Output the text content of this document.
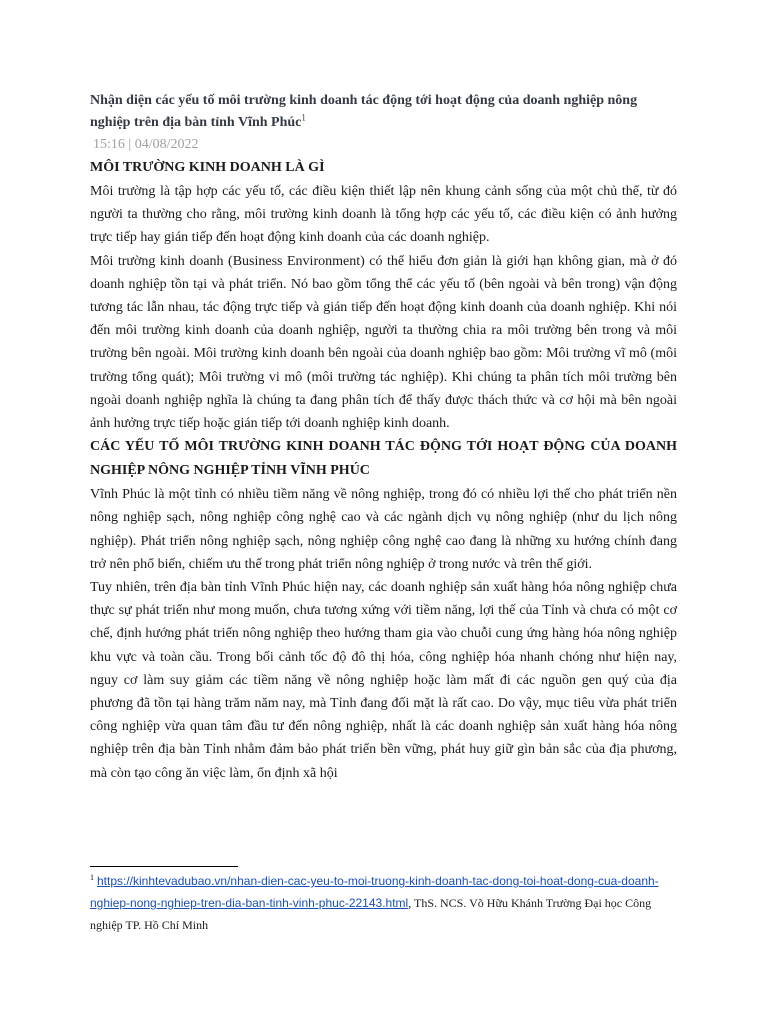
Nhận diện các yếu tố môi trường kinh doanh tác động tới hoạt động của doanh nghiệp nông nghiệp trên địa bàn tỉnh Vĩnh Phúc$^1$

15:16 | 04/08/2022

MÔI TRƯỜNG KINH DOANH LÀ GÌ

Môi trường là tập hợp các yếu tố, các điều kiện thiết lập nên khung cảnh sống của một chủ thể, từ đó người ta thường cho rằng, môi trường kinh doanh là tổng hợp các yếu tố, các điều kiện có ảnh hưởng trực tiếp hay gián tiếp đến hoạt động kinh doanh của các doanh nghiệp.

Môi trường kinh doanh (Business Environment) có thể hiểu đơn giản là giới hạn không gian, mà ở đó doanh nghiệp tồn tại và phát triển. Nó bao gồm tổng thể các yếu tố (bên ngoài và bên trong) vận động tương tác lẫn nhau, tác động trực tiếp và gián tiếp đến hoạt động kinh doanh của doanh nghiệp. Khi nói đến môi trường kinh doanh của doanh nghiệp, người ta thường chia ra môi trường bên trong và môi trường bên ngoài. Môi trường kinh doanh bên ngoài của doanh nghiệp bao gồm: Môi trường vĩ mô (môi trường tổng quát); Môi trường vi mô (môi trường tác nghiệp). Khi chúng ta phân tích môi trường bên ngoài doanh nghiệp nghĩa là chúng ta đang phân tích để thấy được thách thức và cơ hội mà bên ngoài ảnh hưởng trực tiếp hoặc gián tiếp tới doanh nghiệp kinh doanh.

CÁC YẾU TỐ MÔI TRƯỜNG KINH DOANH TÁC ĐỘNG TỚI HOẠT ĐỘNG CỦA DOANH NGHIỆP NÔNG NGHIỆP TỈNH VĨNH PHÚC

Vĩnh Phúc là một tỉnh có nhiều tiềm năng về nông nghiệp, trong đó có nhiều lợi thế cho phát triển nền nông nghiệp sạch, nông nghiệp công nghệ cao và các ngành dịch vụ nông nghiệp (như du lịch nông nghiệp). Phát triển nông nghiệp sạch, nông nghiệp công nghệ cao đang là những xu hướng chính đang trở nên phổ biến, chiếm ưu thế trong phát triển nông nghiệp ở trong nước và trên thế giới.

Tuy nhiên, trên địa bàn tỉnh Vĩnh Phúc hiện nay, các doanh nghiệp sản xuất hàng hóa nông nghiệp chưa thực sự phát triển như mong muốn, chưa tương xứng với tiềm năng, lợi thế của Tỉnh và chưa có một cơ chế, định hướng phát triển nông nghiệp theo hướng tham gia vào chuỗi cung ứng hàng hóa nông nghiệp khu vực và toàn cầu. Trong bối cảnh tốc độ đô thị hóa, công nghiệp hóa nhanh chóng như hiện nay, nguy cơ làm suy giảm các tiềm năng về nông nghiệp hoặc làm mất đi các nguồn gen quý của địa phương đã tồn tại hàng trăm năm nay, mà Tỉnh đang đối mặt là rất cao. Do vậy, mục tiêu vừa phát triển công nghiệp vừa quan tâm đầu tư đến nông nghiệp, nhất là các doanh nghiệp sản xuất hàng hóa nông nghiệp trên địa bàn Tỉnh nhằm đảm bảo phát triển bền vững, phát huy giữ gìn bản sắc của địa phương, mà còn tạo công ăn việc làm, ổn định xã hội

$^1$ https://kinhtevadubao.vn/nhan-dien-cac-yeu-to-moi-truong-kinh-doanh-tac-dong-toi-hoat-dong-cua-doanh-nghiep-nong-nghiep-tren-dia-ban-tinh-vinh-phuc-22143.html, ThS. NCS. Võ Hữu Khánh Trường Đại học Công nghiệp TP. Hồ Chí Minh
